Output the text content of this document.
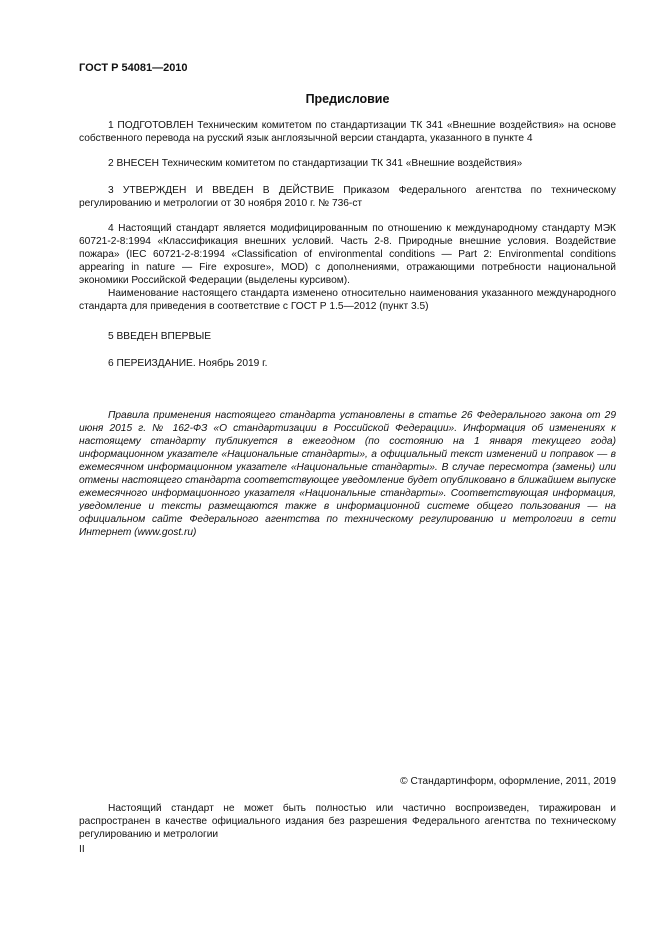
ГОСТ Р 54081—2010
Предисловие

1 ПОДГОТОВЛЕН Техническим комитетом по стандартизации ТК 341 «Внешние воздействия» на основе собственного перевода на русский язык англоязычной версии стандарта, указанного в пункте 4

2 ВНЕСЕН Техническим комитетом по стандартизации ТК 341 «Внешние воздействия»

3 УТВЕРЖДЕН И ВВЕДЕН В ДЕЙСТВИЕ Приказом Федерального агентства по техническому регулированию и метрологии от 30 ноября 2010 г. № 736-ст

4 Настоящий стандарт является модифицированным по отношению к международному стандарту МЭК 60721-2-8:1994 «Классификация внешних условий. Часть 2-8. Природные внешние условия. Воздействие пожара» (IEC 60721-2-8:1994 «Classification of environmental conditions — Part 2: Environmental conditions appearing in nature — Fire exposure», MOD) с дополнениями, отражающими потребности национальной экономики Российской Федерации (выделены курсивом).

Наименование настоящего стандарта изменено относительно наименования указанного международного стандарта для приведения в соответствие с ГОСТ Р 1.5—2012 (пункт 3.5)

5 ВВЕДЕН ВПЕРВЫЕ

6 ПЕРЕИЗДАНИЕ. Ноябрь 2019 г.

Правила применения настоящего стандарта установлены в статье 26 Федерального закона от 29 июня 2015 г. № 162-ФЗ «О стандартизации в Российской Федерации». Информация об изменениях к настоящему стандарту публикуется в ежегодном (по состоянию на 1 января текущего года) информационном указателе «Национальные стандарты», а официальный текст изменений и поправок — в ежемесячном информационном указателе «Национальные стандарты». В случае пересмотра (замены) или отмены настоящего стандарта соответствующее уведомление будет опубликовано в ближайшем выпуске ежемесячного информационного указателя «Национальные стандарты». Соответствующая информация, уведомление и тексты размещаются также в информационной системе общего пользования — на официальном сайте Федерального агентства по техническому регулированию и метрологии в сети Интернет (www.gost.ru)

© Стандартинформ, оформление, 2011, 2019

Настоящий стандарт не может быть полностью или частично воспроизведен, тиражирован и распространен в качестве официального издания без разрешения Федерального агентства по техническому регулированию и метрологии

II
